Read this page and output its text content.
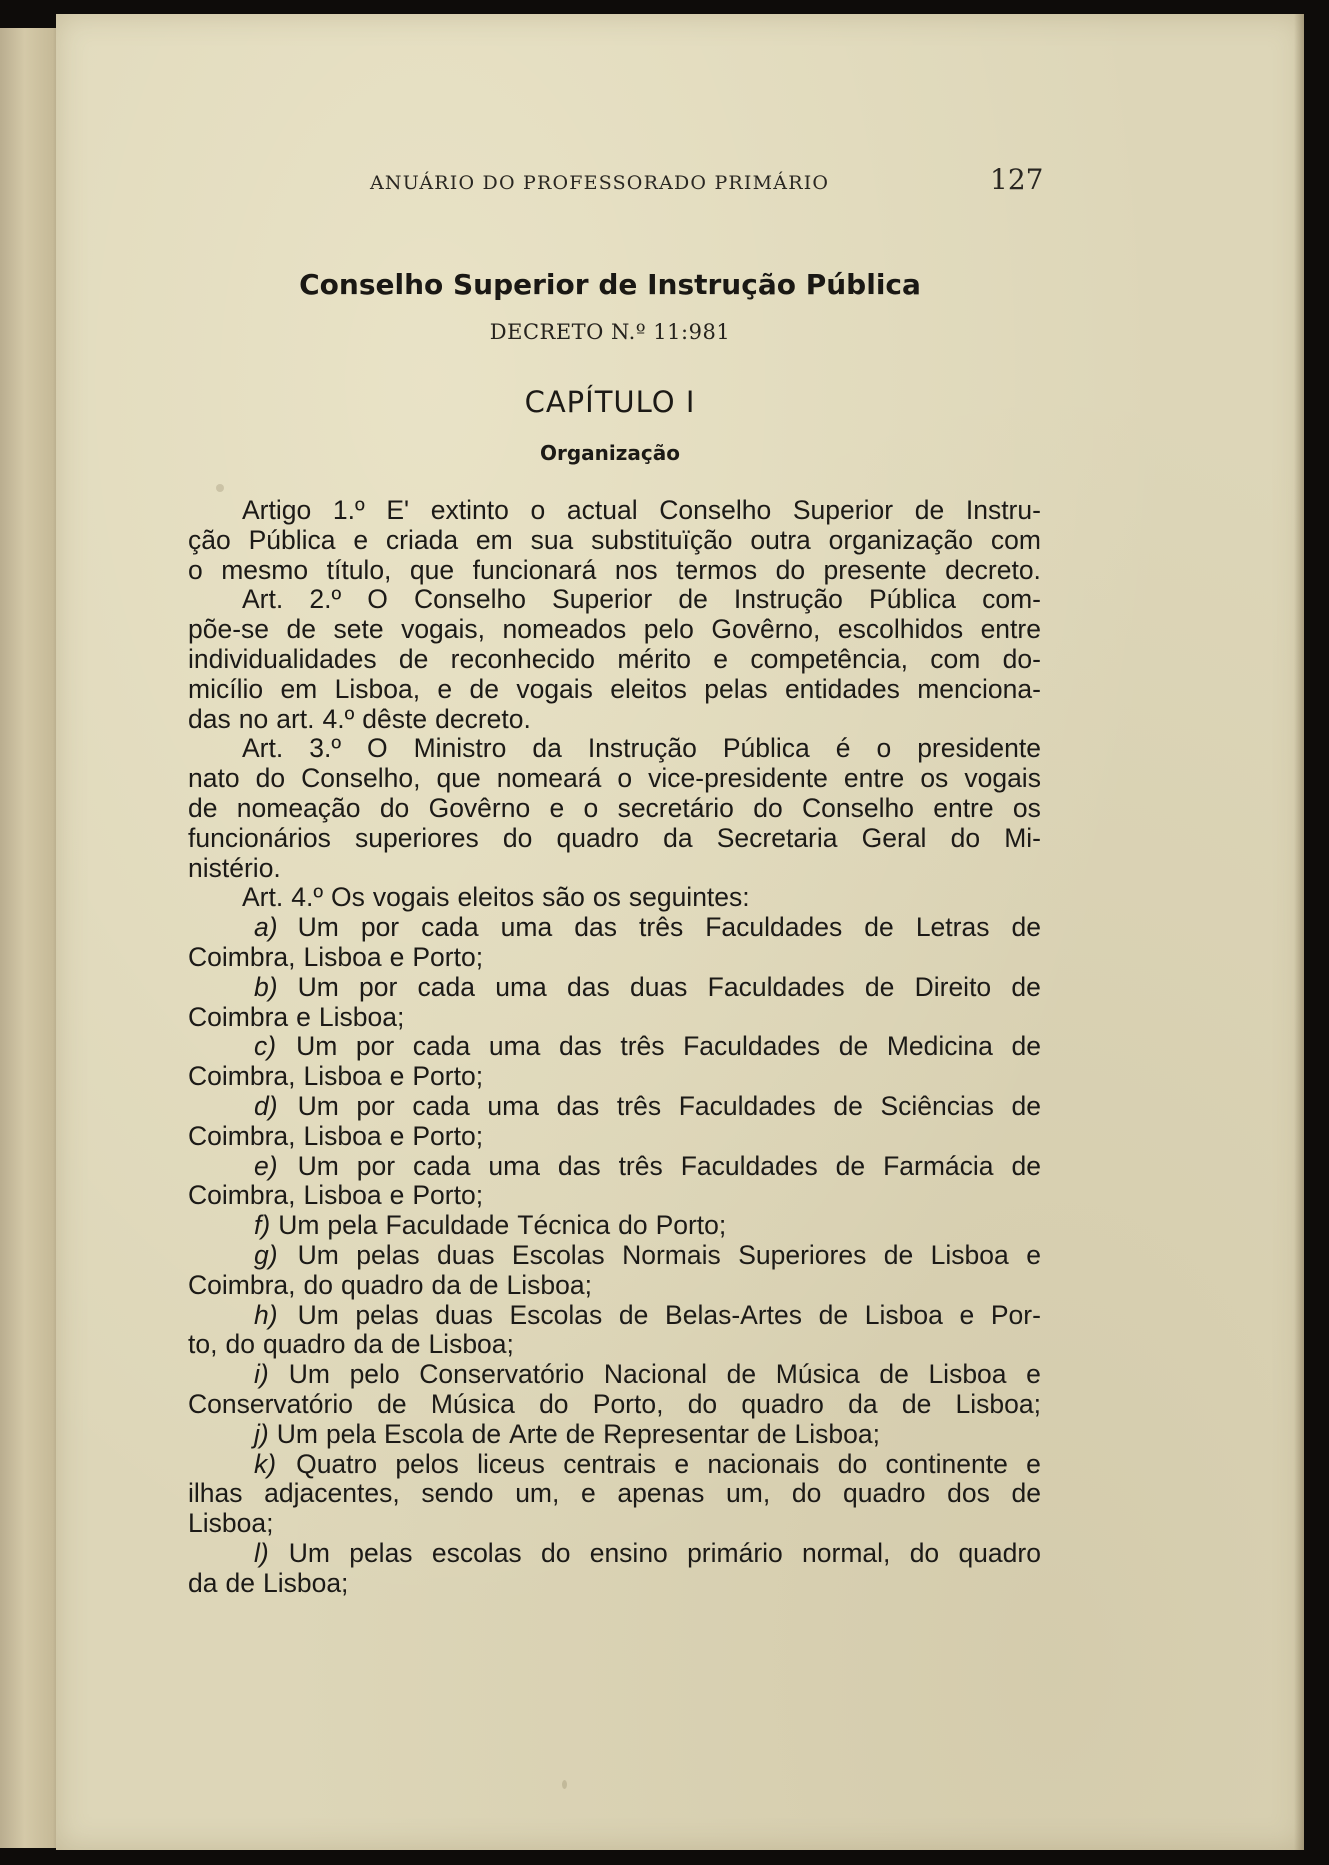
ANUÁRIO DO PROFESSORADO PRIMÁRIO	127
Conselho Superior de Instrução Pública
DECRETO N.º 11:981
CAPÍTULO I
Organização
Artigo 1.º E' extinto o actual Conselho Superior de Instru-
ção Pública e criada em sua substituïção outra organização com
o mesmo título, que funcionará nos termos do presente decreto.
Art. 2.º O Conselho Superior de Instrução Pública com-
põe-se de sete vogais, nomeados pelo Govêrno, escolhidos entre
individualidades de reconhecido mérito e competência, com do-
micílio em Lisboa, e de vogais eleitos pelas entidades menciona-
das no art. 4.º dêste decreto.
Art. 3.º O Ministro da Instrução Pública é o presidente
nato do Conselho, que nomeará o vice-presidente entre os vogais
de nomeação do Govêrno e o secretário do Conselho entre os
funcionários superiores do quadro da Secretaria Geral do Mi-
nistério.
Art. 4.º Os vogais eleitos são os seguintes:
a) Um por cada uma das três Faculdades de Letras de
Coimbra, Lisboa e Porto;
b) Um por cada uma das duas Faculdades de Direito de
Coimbra e Lisboa;
c) Um por cada uma das três Faculdades de Medicina de
Coimbra, Lisboa e Porto;
d) Um por cada uma das três Faculdades de Sciências de
Coimbra, Lisboa e Porto;
e) Um por cada uma das três Faculdades de Farmácia de
Coimbra, Lisboa e Porto;
f) Um pela Faculdade Técnica do Porto;
g) Um pelas duas Escolas Normais Superiores de Lisboa e
Coimbra, do quadro da de Lisboa;
h) Um pelas duas Escolas de Belas-Artes de Lisboa e Por-
to, do quadro da de Lisboa;
i) Um pelo Conservatório Nacional de Música de Lisboa e
Conservatório de Música do Porto, do quadro da de Lisboa;
j) Um pela Escola de Arte de Representar de Lisboa;
k) Quatro pelos liceus centrais e nacionais do continente e
ilhas adjacentes, sendo um, e apenas um, do quadro dos de
Lisboa;
l) Um pelas escolas do ensino primário normal, do quadro
da de Lisboa;
